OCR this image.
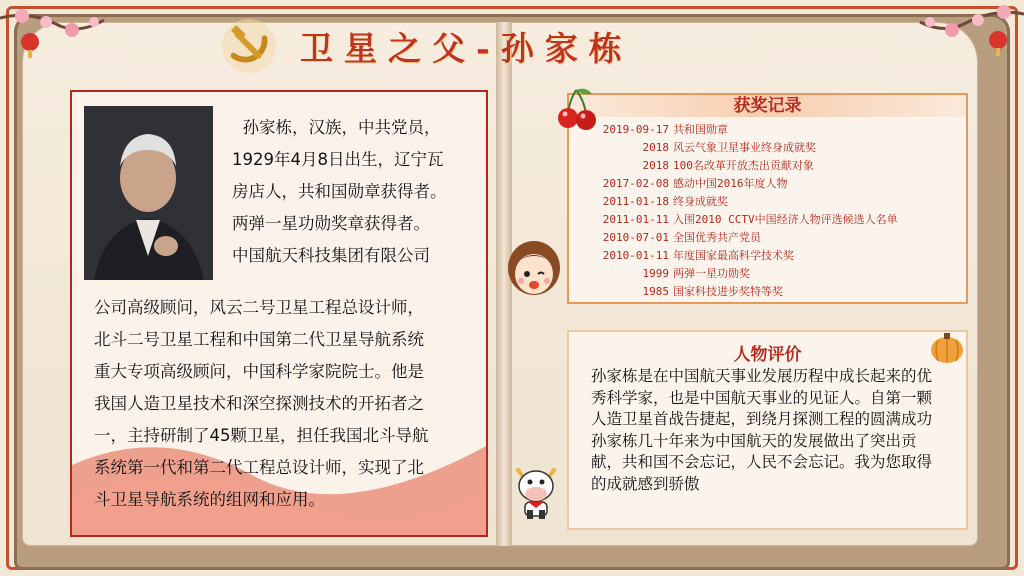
卫星之父-孙家栋
孙家栋，汉族，中共党员，
1929年4月8日出生，辽宁瓦
房店人，共和国勋章获得者。
两弹一星功勋奖章获得者。
中国航天科技集团有限公司
公司高级顾问，风云二号卫星工程总设计师，
北斗二号卫星工程和中国第二代卫星导航系统
重大专项高级顾问，中国科学家院院士。他是
我国人造卫星技术和深空探测技术的开拓者之
一，主持研制了45颗卫星，担任我国北斗导航
系统第一代和第二代工程总设计师，实现了北
斗卫星导航系统的组网和应用。
获奖记录
2019-09-17 共和国勋章
2018 风云气象卫星事业终身成就奖
2018 100名改革开放杰出贡献对象
2017-02-08 感动中国2016年度人物
2011-01-18 终身成就奖
2011-01-11 入围2010 CCTV中国经济人物评选候选人名单
2010-07-01 全国优秀共产党员
2010-01-11 年度国家最高科学技术奖
1999 两弹一星功勋奖
1985 国家科技进步奖特等奖
人物评价
孙家栋是在中国航天事业发展历程中成长起来的优秀科学家，也是中国航天事业的见证人。自第一颗人造卫星首战告捷起，到绕月探测工程的圆满成功孙家栋几十年来为中国航天的发展做出了突出贡献，共和国不会忘记，人民不会忘记。我为您取得的成就感到骄傲
